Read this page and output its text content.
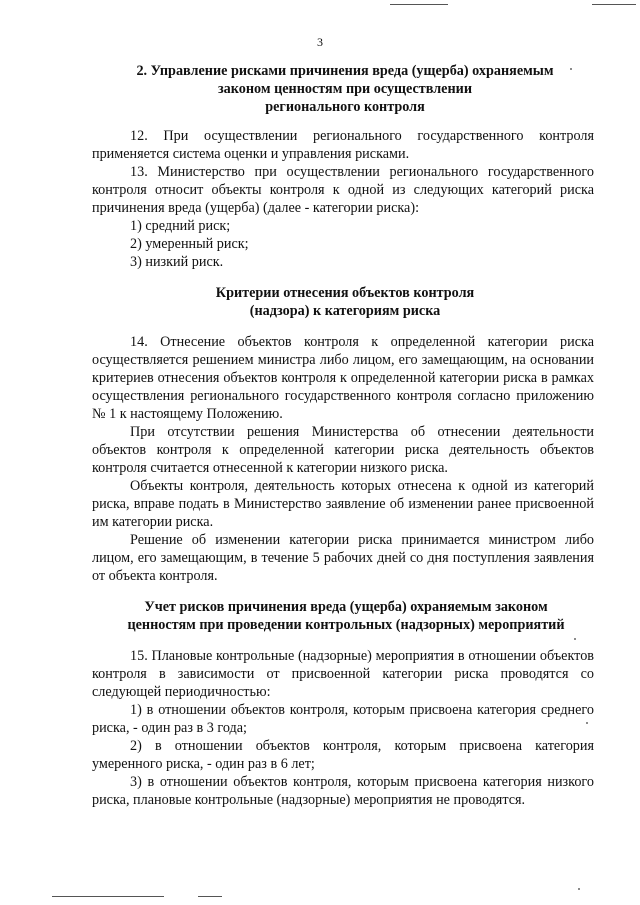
3
2. Управление рисками причинения вреда (ущерба) охраняемым
законом ценностям при осуществлении
регионального контроля

12. При осуществлении регионального государственного контроля применяется система оценки и управления рисками.

13. Министерство при осуществлении регионального государственного контроля относит объекты контроля к одной из следующих категорий риска причинения вреда (ущерба) (далее - категории риска):

1) средний риск;

2) умеренный риск;

3) низкий риск.

Критерии отнесения объектов контроля
(надзора) к категориям риска

14. Отнесение объектов контроля к определенной категории риска осуществляется решением министра либо лицом, его замещающим, на основании критериев отнесения объектов контроля к определенной категории риска в рамках осуществления регионального государственного контроля согласно приложению № 1 к настоящему Положению.

При отсутствии решения Министерства об отнесении деятельности объектов контроля к определенной категории риска деятельность объектов контроля считается отнесенной к категории низкого риска.

Объекты контроля, деятельность которых отнесена к одной из категорий риска, вправе подать в Министерство заявление об изменении ранее присвоенной им категории риска.

Решение об изменении категории риска принимается министром либо лицом, его замещающим, в течение 5 рабочих дней со дня поступления заявления от объекта контроля.

Учет рисков причинения вреда (ущерба) охраняемым законом
ценностям при проведении контрольных (надзорных) мероприятий

15. Плановые контрольные (надзорные) мероприятия в отношении объектов контроля в зависимости от присвоенной категории риска проводятся со следующей периодичностью:

1) в отношении объектов контроля, которым присвоена категория среднего риска, - один раз в 3 года;

2) в отношении объектов контроля, которым присвоена категория умеренного риска, - один раз в 6 лет;

3) в отношении объектов контроля, которым присвоена категория низкого риска, плановые контрольные (надзорные) мероприятия не проводятся.
